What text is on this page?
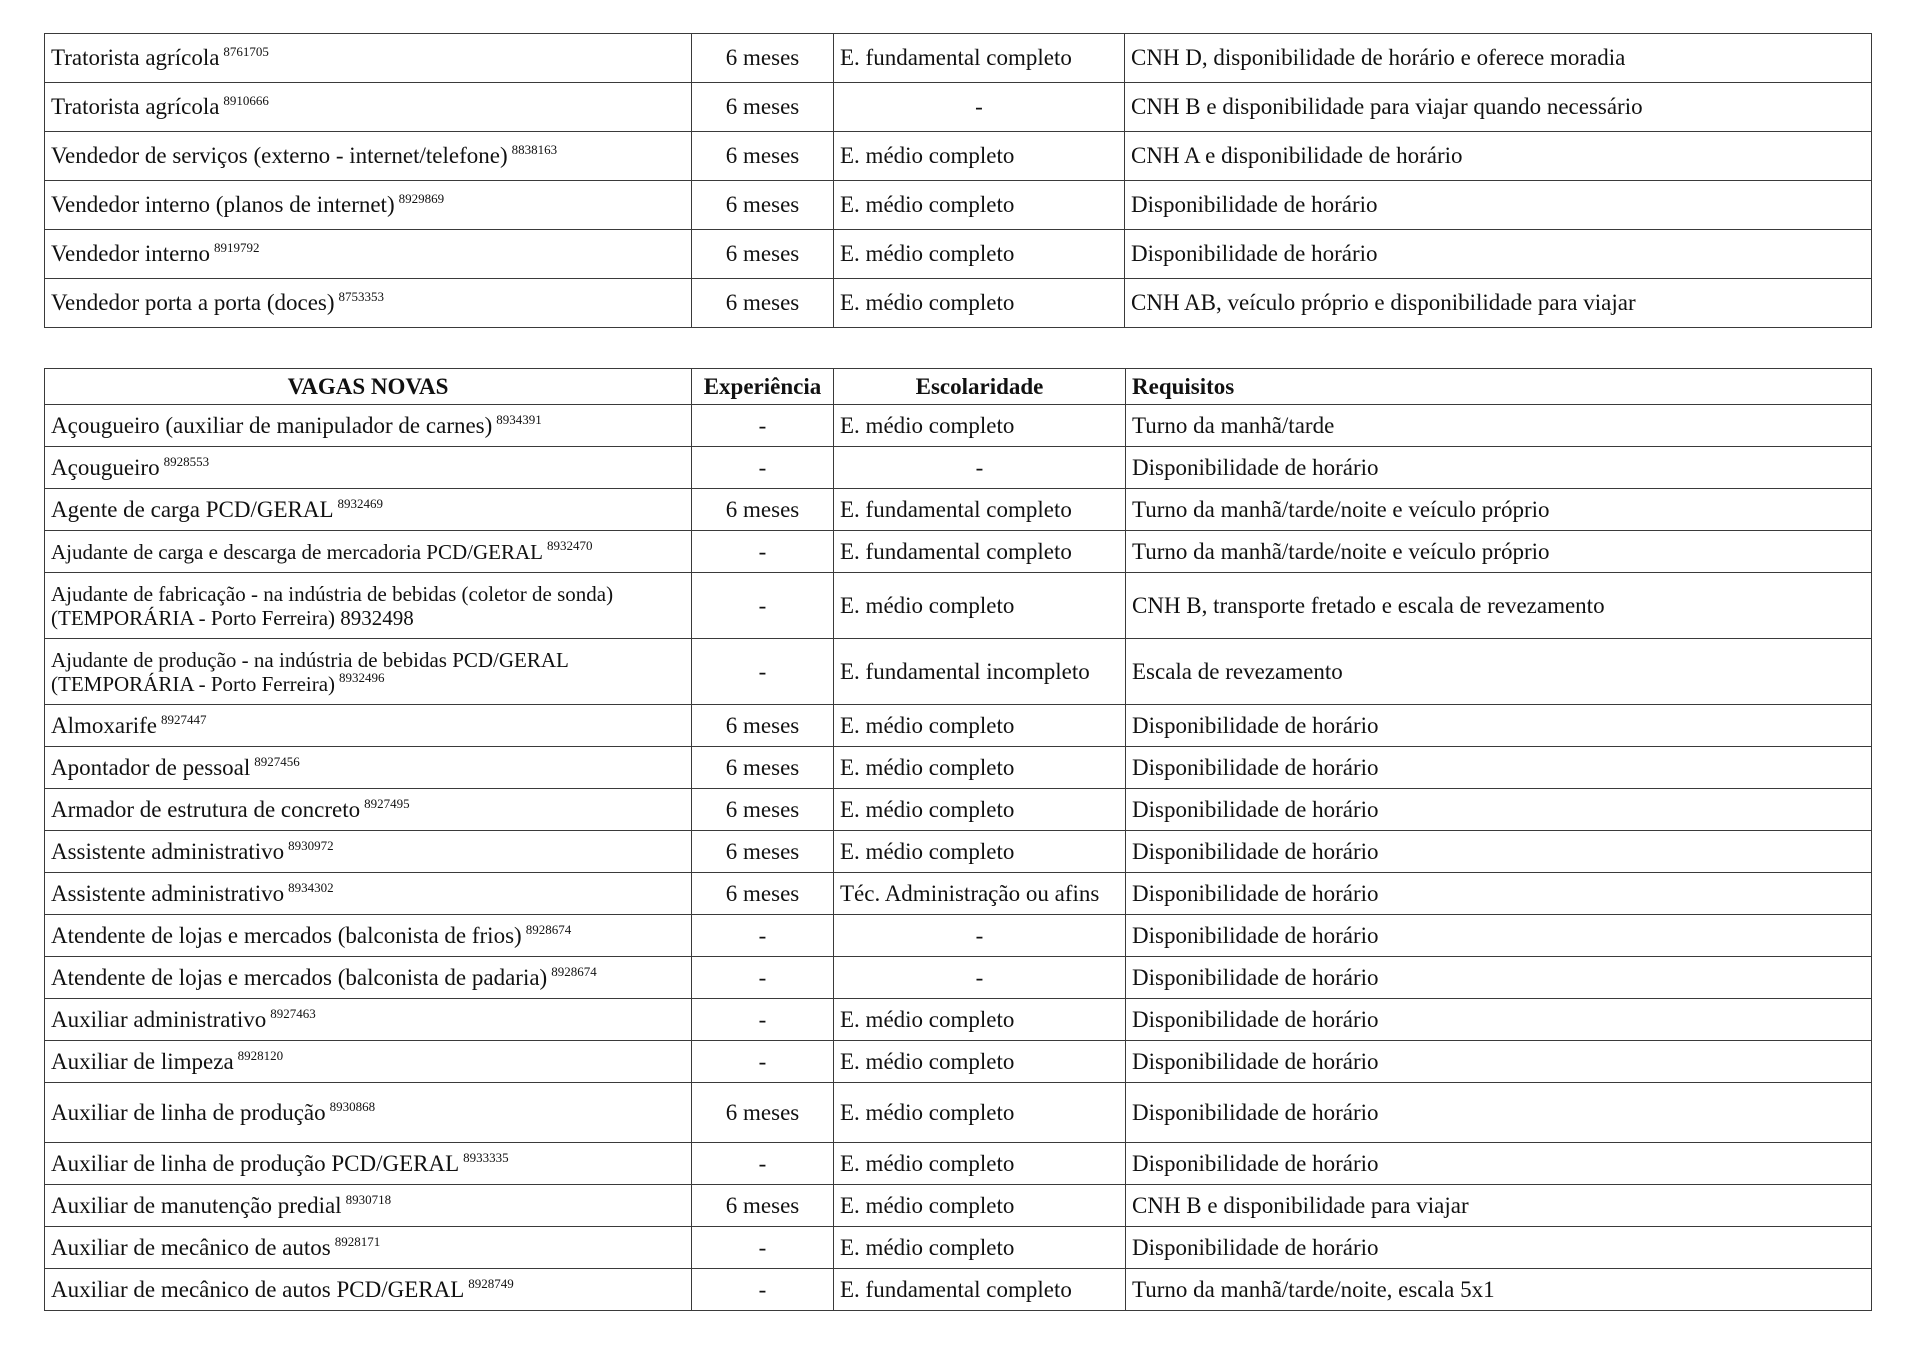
Tratorista agrícola $^{8761705}$	6 meses	E. fundamental completo	CNH D, disponibilidade de horário e oferece moradia
Tratorista agrícola $^{8910666}$	6 meses	-	CNH B e disponibilidade para viajar quando necessário
Vendedor de serviços (externo - internet/telefone) $^{8838163}$	6 meses	E. médio completo	CNH A e disponibilidade de horário
Vendedor interno (planos de internet) $^{8929869}$	6 meses	E. médio completo	Disponibilidade de horário
Vendedor interno $^{8919792}$	6 meses	E. médio completo	Disponibilidade de horário
Vendedor porta a porta (doces) $^{8753353}$	6 meses	E. médio completo	CNH AB, veículo próprio e disponibilidade para viajar
VAGAS NOVAS	Experiência	Escolaridade	Requisitos
Açougueiro (auxiliar de manipulador de carnes) $^{8934391}$	-	E. médio completo	Turno da manhã/tarde
Açougueiro $^{8928553}$	-	-	Disponibilidade de horário
Agente de carga PCD/GERAL $^{8932469}$	6 meses	E. fundamental completo	Turno da manhã/tarde/noite e veículo próprio
Ajudante de carga e descarga de mercadoria PCD/GERAL $^{8932470}$	-	E. fundamental completo	Turno da manhã/tarde/noite e veículo próprio
Ajudante de fabricação - na indústria de bebidas (coletor de sonda) (TEMPORÁRIA - Porto Ferreira) 8932498	-	E. médio completo	CNH B, transporte fretado e escala de revezamento
Ajudante de produção - na indústria de bebidas PCD/GERAL (TEMPORÁRIA - Porto Ferreira) $^{8932496}$	-	E. fundamental incompleto	Escala de revezamento
Almoxarife $^{8927447}$	6 meses	E. médio completo	Disponibilidade de horário
Apontador de pessoal $^{8927456}$	6 meses	E. médio completo	Disponibilidade de horário
Armador de estrutura de concreto $^{8927495}$	6 meses	E. médio completo	Disponibilidade de horário
Assistente administrativo $^{8930972}$	6 meses	E. médio completo	Disponibilidade de horário
Assistente administrativo $^{8934302}$	6 meses	Téc. Administração ou afins	Disponibilidade de horário
Atendente de lojas e mercados (balconista de frios) $^{8928674}$	-	-	Disponibilidade de horário
Atendente de lojas e mercados (balconista de padaria) $^{8928674}$	-	-	Disponibilidade de horário
Auxiliar administrativo $^{8927463}$	-	E. médio completo	Disponibilidade de horário
Auxiliar de limpeza $^{8928120}$	-	E. médio completo	Disponibilidade de horário
Auxiliar de linha de produção $^{8930868}$	6 meses	E. médio completo	Disponibilidade de horário
Auxiliar de linha de produção PCD/GERAL $^{8933335}$	-	E. médio completo	Disponibilidade de horário
Auxiliar de manutenção predial $^{8930718}$	6 meses	E. médio completo	CNH B e disponibilidade para viajar
Auxiliar de mecânico de autos $^{8928171}$	-	E. médio completo	Disponibilidade de horário
Auxiliar de mecânico de autos PCD/GERAL $^{8928749}$	-	E. fundamental completo	Turno da manhã/tarde/noite, escala 5x1
